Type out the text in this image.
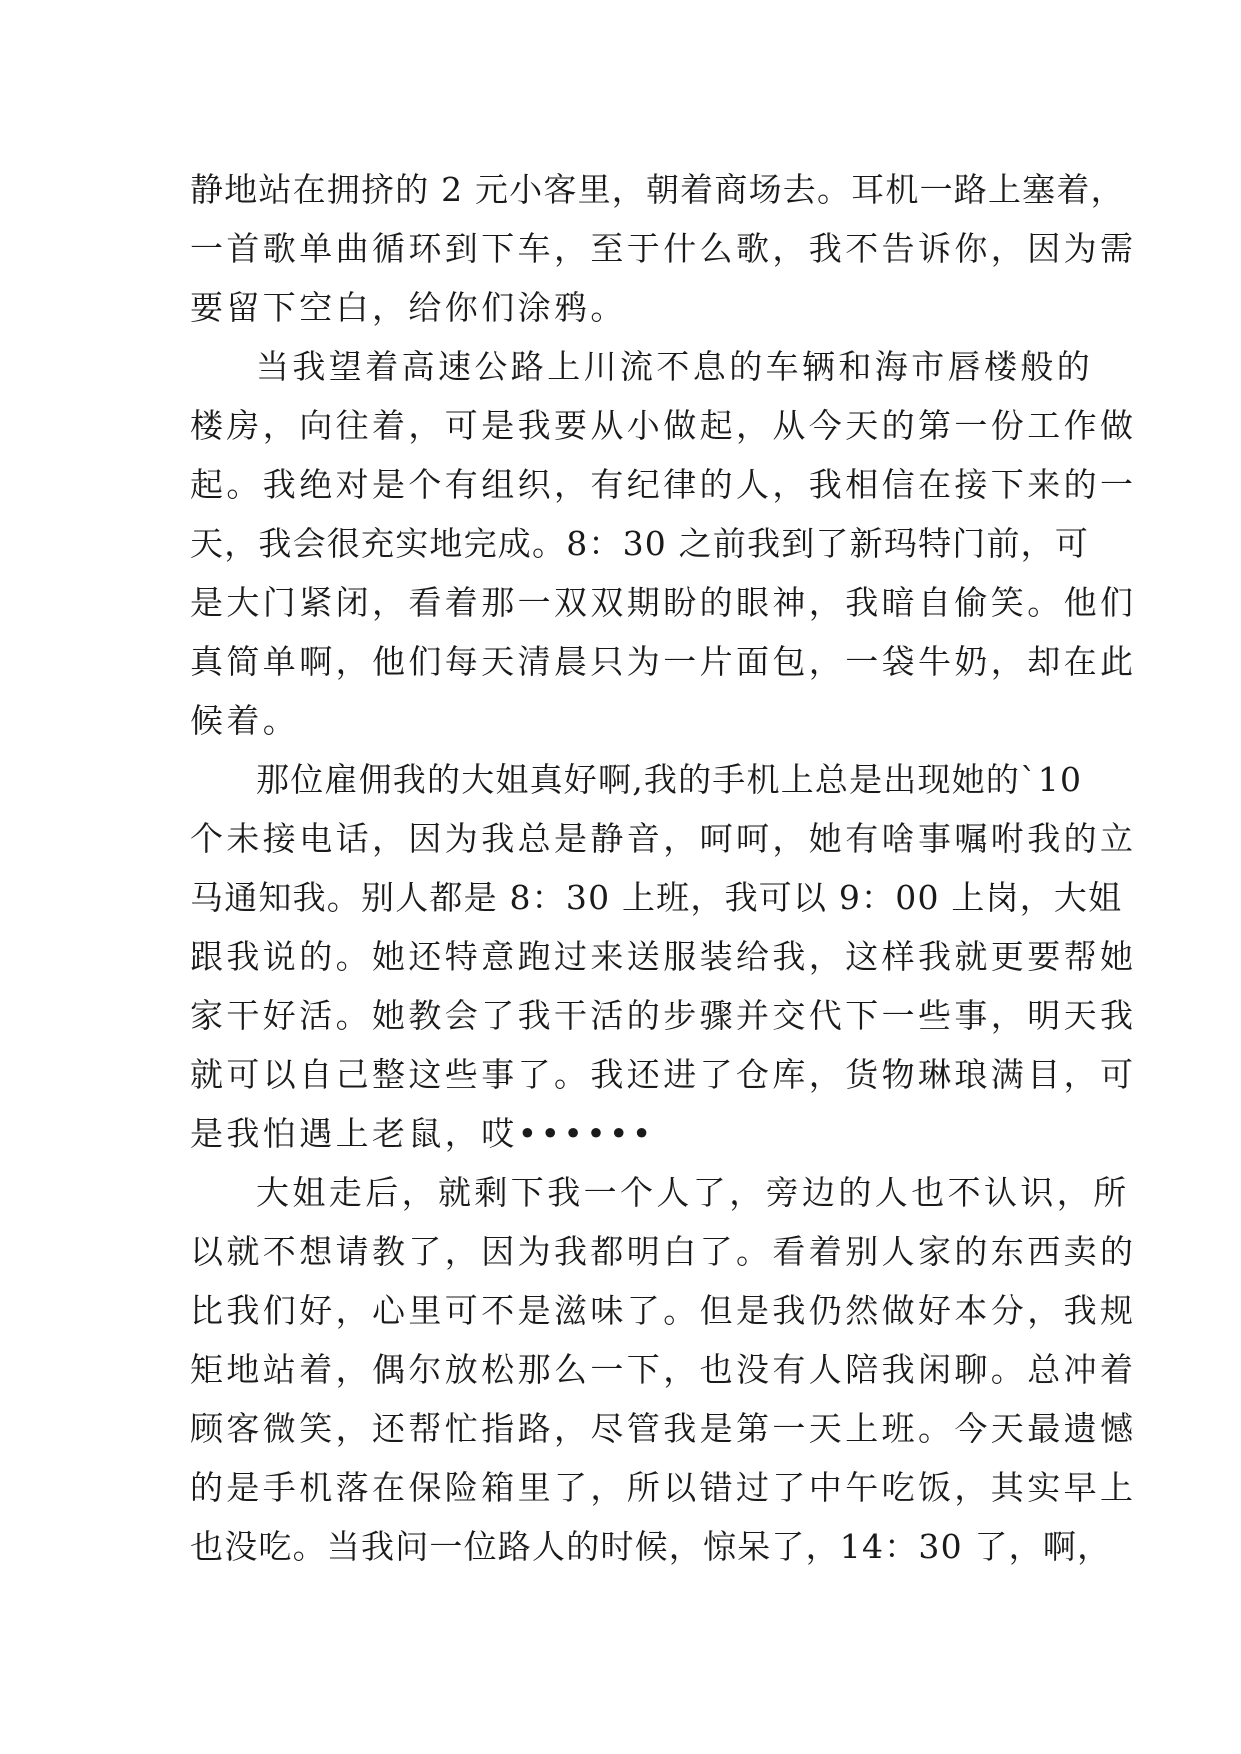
静地站在拥挤的 2 元小客里，朝着商场去。耳机一路上塞着，
一首歌单曲循环到下车，至于什么歌，我不告诉你，因为需
要留下空白，给你们涂鸦。
当我望着高速公路上川流不息的车辆和海市唇楼般的
楼房，向往着，可是我要从小做起，从今天的第一份工作做
起。我绝对是个有组织，有纪律的人，我相信在接下来的一
天，我会很充实地完成。8：30 之前我到了新玛特门前，可
是大门紧闭，看着那一双双期盼的眼神，我暗自偷笑。他们
真简单啊，他们每天清晨只为一片面包，一袋牛奶，却在此
候着。
那位雇佣我的大姐真好啊,我的手机上总是出现她的`10
个未接电话，因为我总是静音，呵呵，她有啥事嘱咐我的立
马通知我。别人都是 8：30 上班，我可以 9：00 上岗，大姐
跟我说的。她还特意跑过来送服装给我，这样我就更要帮她
家干好活。她教会了我干活的步骤并交代下一些事，明天我
就可以自己整这些事了。我还进了仓库，货物琳琅满目，可
是我怕遇上老鼠，哎••••••
大姐走后，就剩下我一个人了，旁边的人也不认识，所
以就不想请教了，因为我都明白了。看着别人家的东西卖的
比我们好，心里可不是滋味了。但是我仍然做好本分，我规
矩地站着，偶尔放松那么一下，也没有人陪我闲聊。总冲着
顾客微笑，还帮忙指路，尽管我是第一天上班。今天最遗憾
的是手机落在保险箱里了，所以错过了中午吃饭，其实早上
也没吃。当我问一位路人的时候，惊呆了，14：30 了，啊，
